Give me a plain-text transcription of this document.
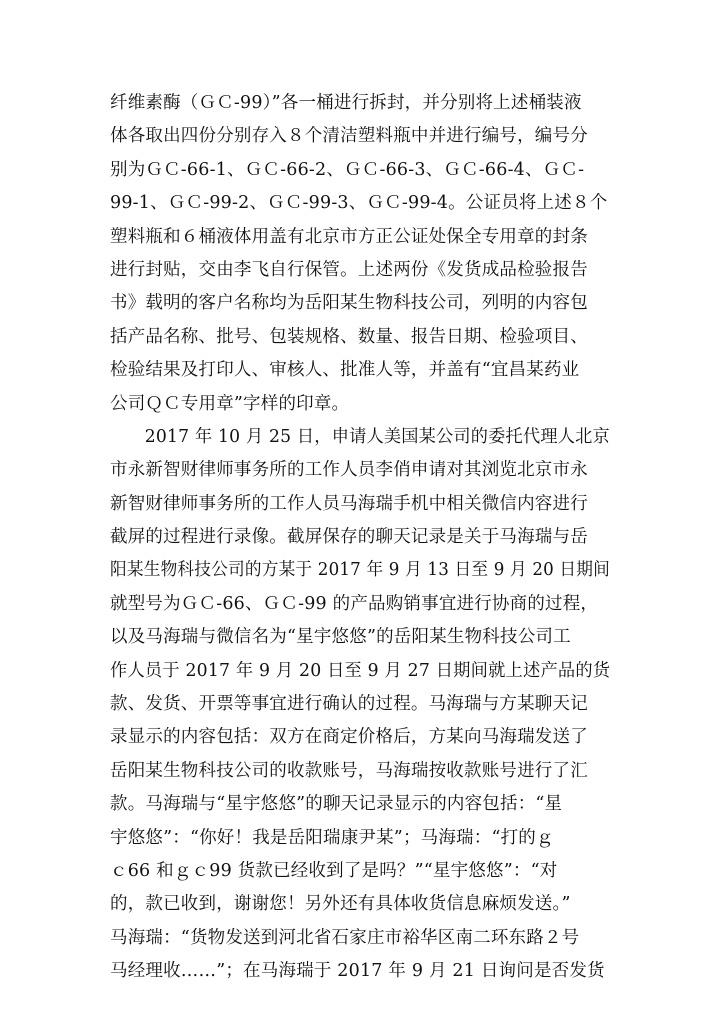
纤维素酶（ＧＣ-99）”各一桶进行拆封，并分别将上述桶装液
体各取出四份分别存入８个清洁塑料瓶中并进行编号，编号分
别为ＧＣ-66-1、ＧＣ-66-2、ＧＣ-66-3、ＧＣ-66-4、ＧＣ-
99-1、ＧＣ-99-2、ＧＣ-99-3、ＧＣ-99-4。公证员将上述８个
塑料瓶和６桶液体用盖有北京市方正公证处保全专用章的封条
进行封贴，交由李飞自行保管。上述两份《发货成品检验报告
书》载明的客户名称均为岳阳某生物科技公司，列明的内容包
括产品名称、批号、包装规格、数量、报告日期、检验项目、
检验结果及打印人、审核人、批准人等，并盖有“宜昌某药业
公司ＱＣ专用章”字样的印章。
　　2017 年 10 月 25 日，申请人美国某公司的委托代理人北京
市永新智财律师事务所的工作人员李俏申请对其浏览北京市永
新智财律师事务所的工作人员马海瑞手机中相关微信内容进行
截屏的过程进行录像。截屏保存的聊天记录是关于马海瑞与岳
阳某生物科技公司的方某于 2017 年 9 月 13 日至 9 月 20 日期间
就型号为ＧＣ-66、ＧＣ-99 的产品购销事宜进行协商的过程，
以及马海瑞与微信名为“星宇悠悠”的岳阳某生物科技公司工
作人员于 2017 年 9 月 20 日至 9 月 27 日期间就上述产品的货
款、发货、开票等事宜进行确认的过程。马海瑞与方某聊天记
录显示的内容包括：双方在商定价格后，方某向马海瑞发送了
岳阳某生物科技公司的收款账号，马海瑞按收款账号进行了汇
款。马海瑞与“星宇悠悠”的聊天记录显示的内容包括：“星
宇悠悠”：“你好！我是岳阳瑞康尹某”；马海瑞：“打的ｇ
ｃ66 和ｇｃ99 货款已经收到了是吗？”“星宇悠悠”：“对
的，款已收到，谢谢您！另外还有具体收货信息麻烦发送。”
马海瑞：“货物发送到河北省石家庄市裕华区南二环东路２号
马经理收……”；在马海瑞于 2017 年 9 月 21 日询问是否发货
